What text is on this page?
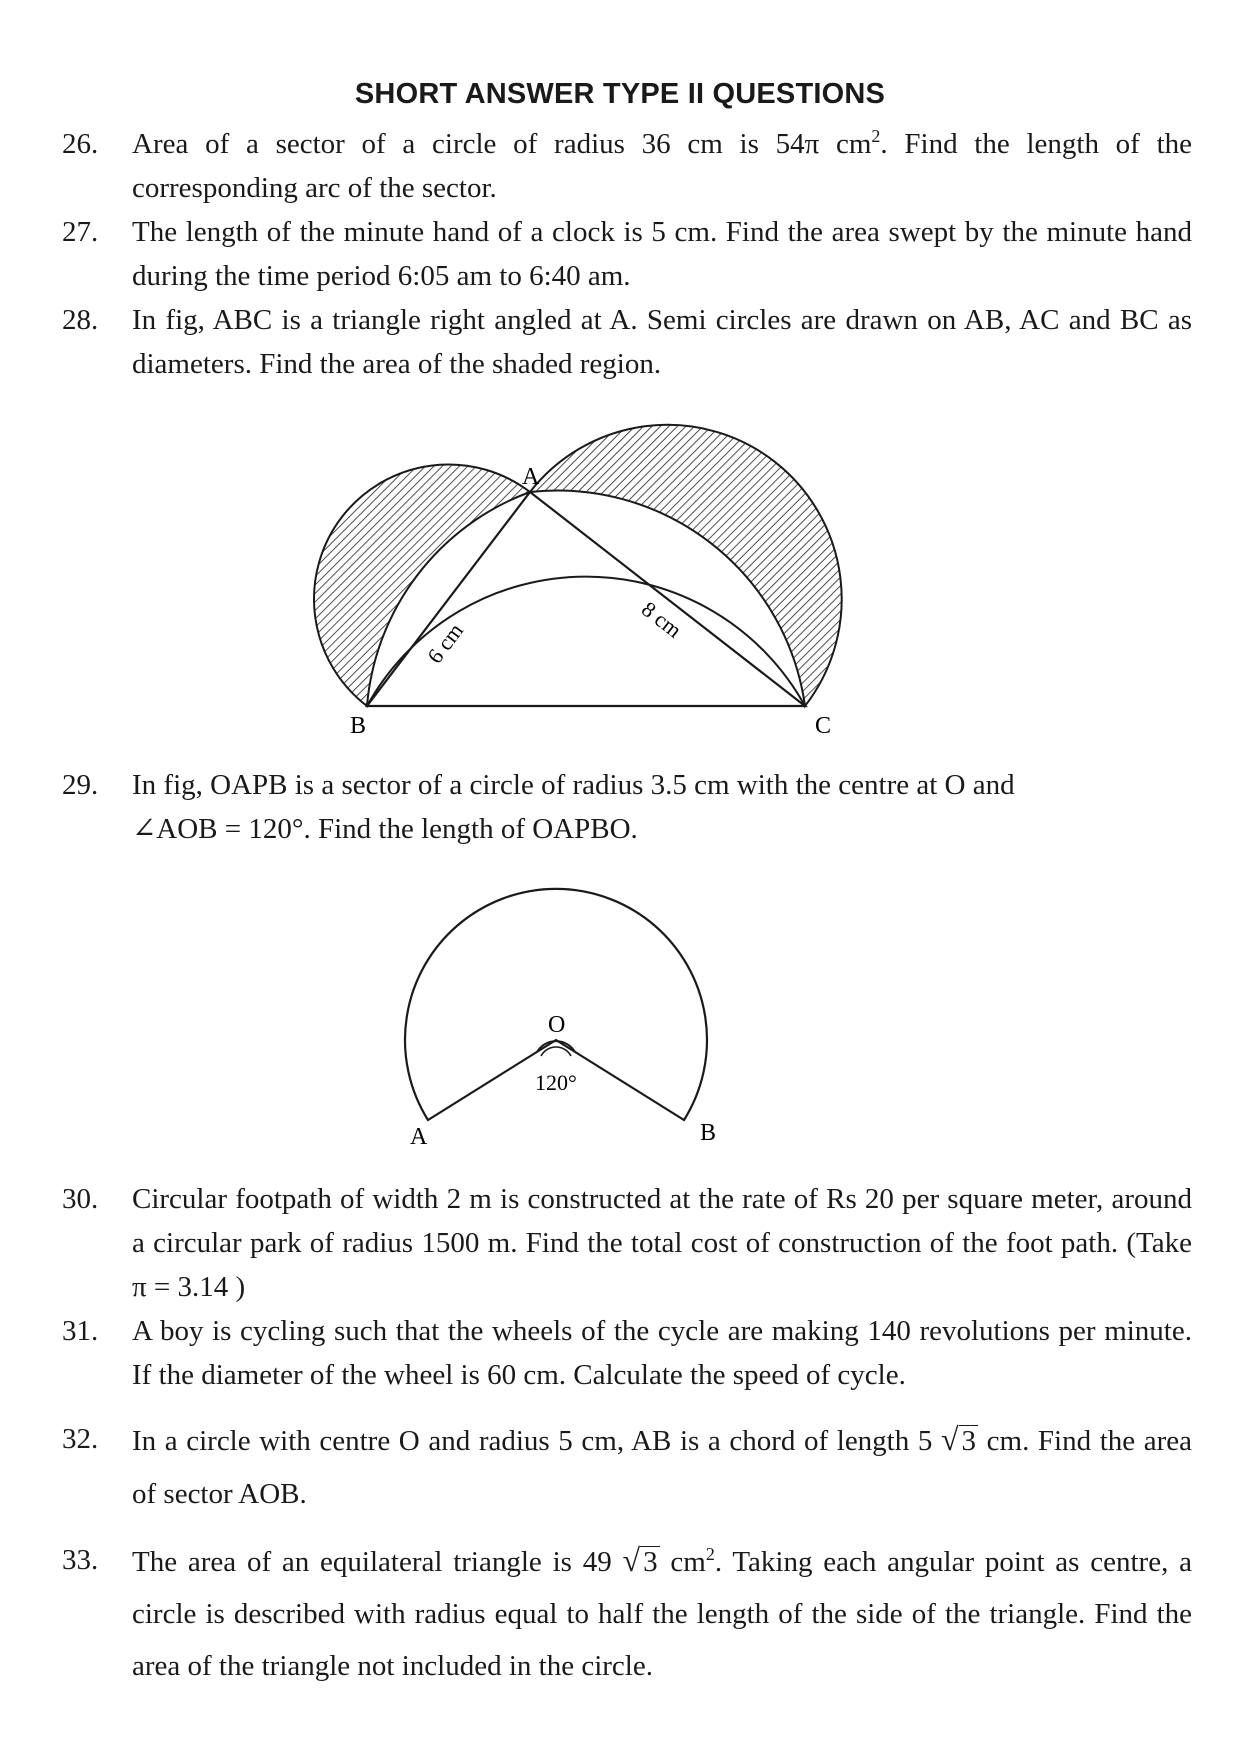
SHORT ANSWER TYPE II QUESTIONS
26. Area of a sector of a circle of radius 36 cm is 54π $cm^2$. Find the length of the corresponding arc of the sector.
27. The length of the minute hand of a clock is 5 cm. Find the area swept by the minute hand during the time period 6:05 am to 6:40 am.
28. In fig, ABC is a triangle right angled at A. Semi circles are drawn on AB, AC and BC as diameters. Find the area of the shaded region.
A
B	C
6 cm	8 cm
29. In fig, OAPB is a sector of a circle of radius 3.5 cm with the centre at O and
∠AOB = 120°. Find the length of OAPBO.
O
120°
A	B
30. Circular footpath of width 2 m is constructed at the rate of Rs 20 per square meter, around a circular park of radius 1500 m. Find the total cost of construction of the foot path. (Take π = 3.14 )
31. A boy is cycling such that the wheels of the cycle are making 140 revolutions per minute. If the diameter of the wheel is 60 cm. Calculate the speed of cycle.
32. In a circle with centre O and radius 5 cm, AB is a chord of length 5 √ 3 cm. Find the area of sector AOB.
33. The area of an equilateral triangle is 49 √ 3 $cm^2$. Taking each angular point as centre, a circle is described with radius equal to half the length of the side of the triangle. Find the area of the triangle not included in the circle.
